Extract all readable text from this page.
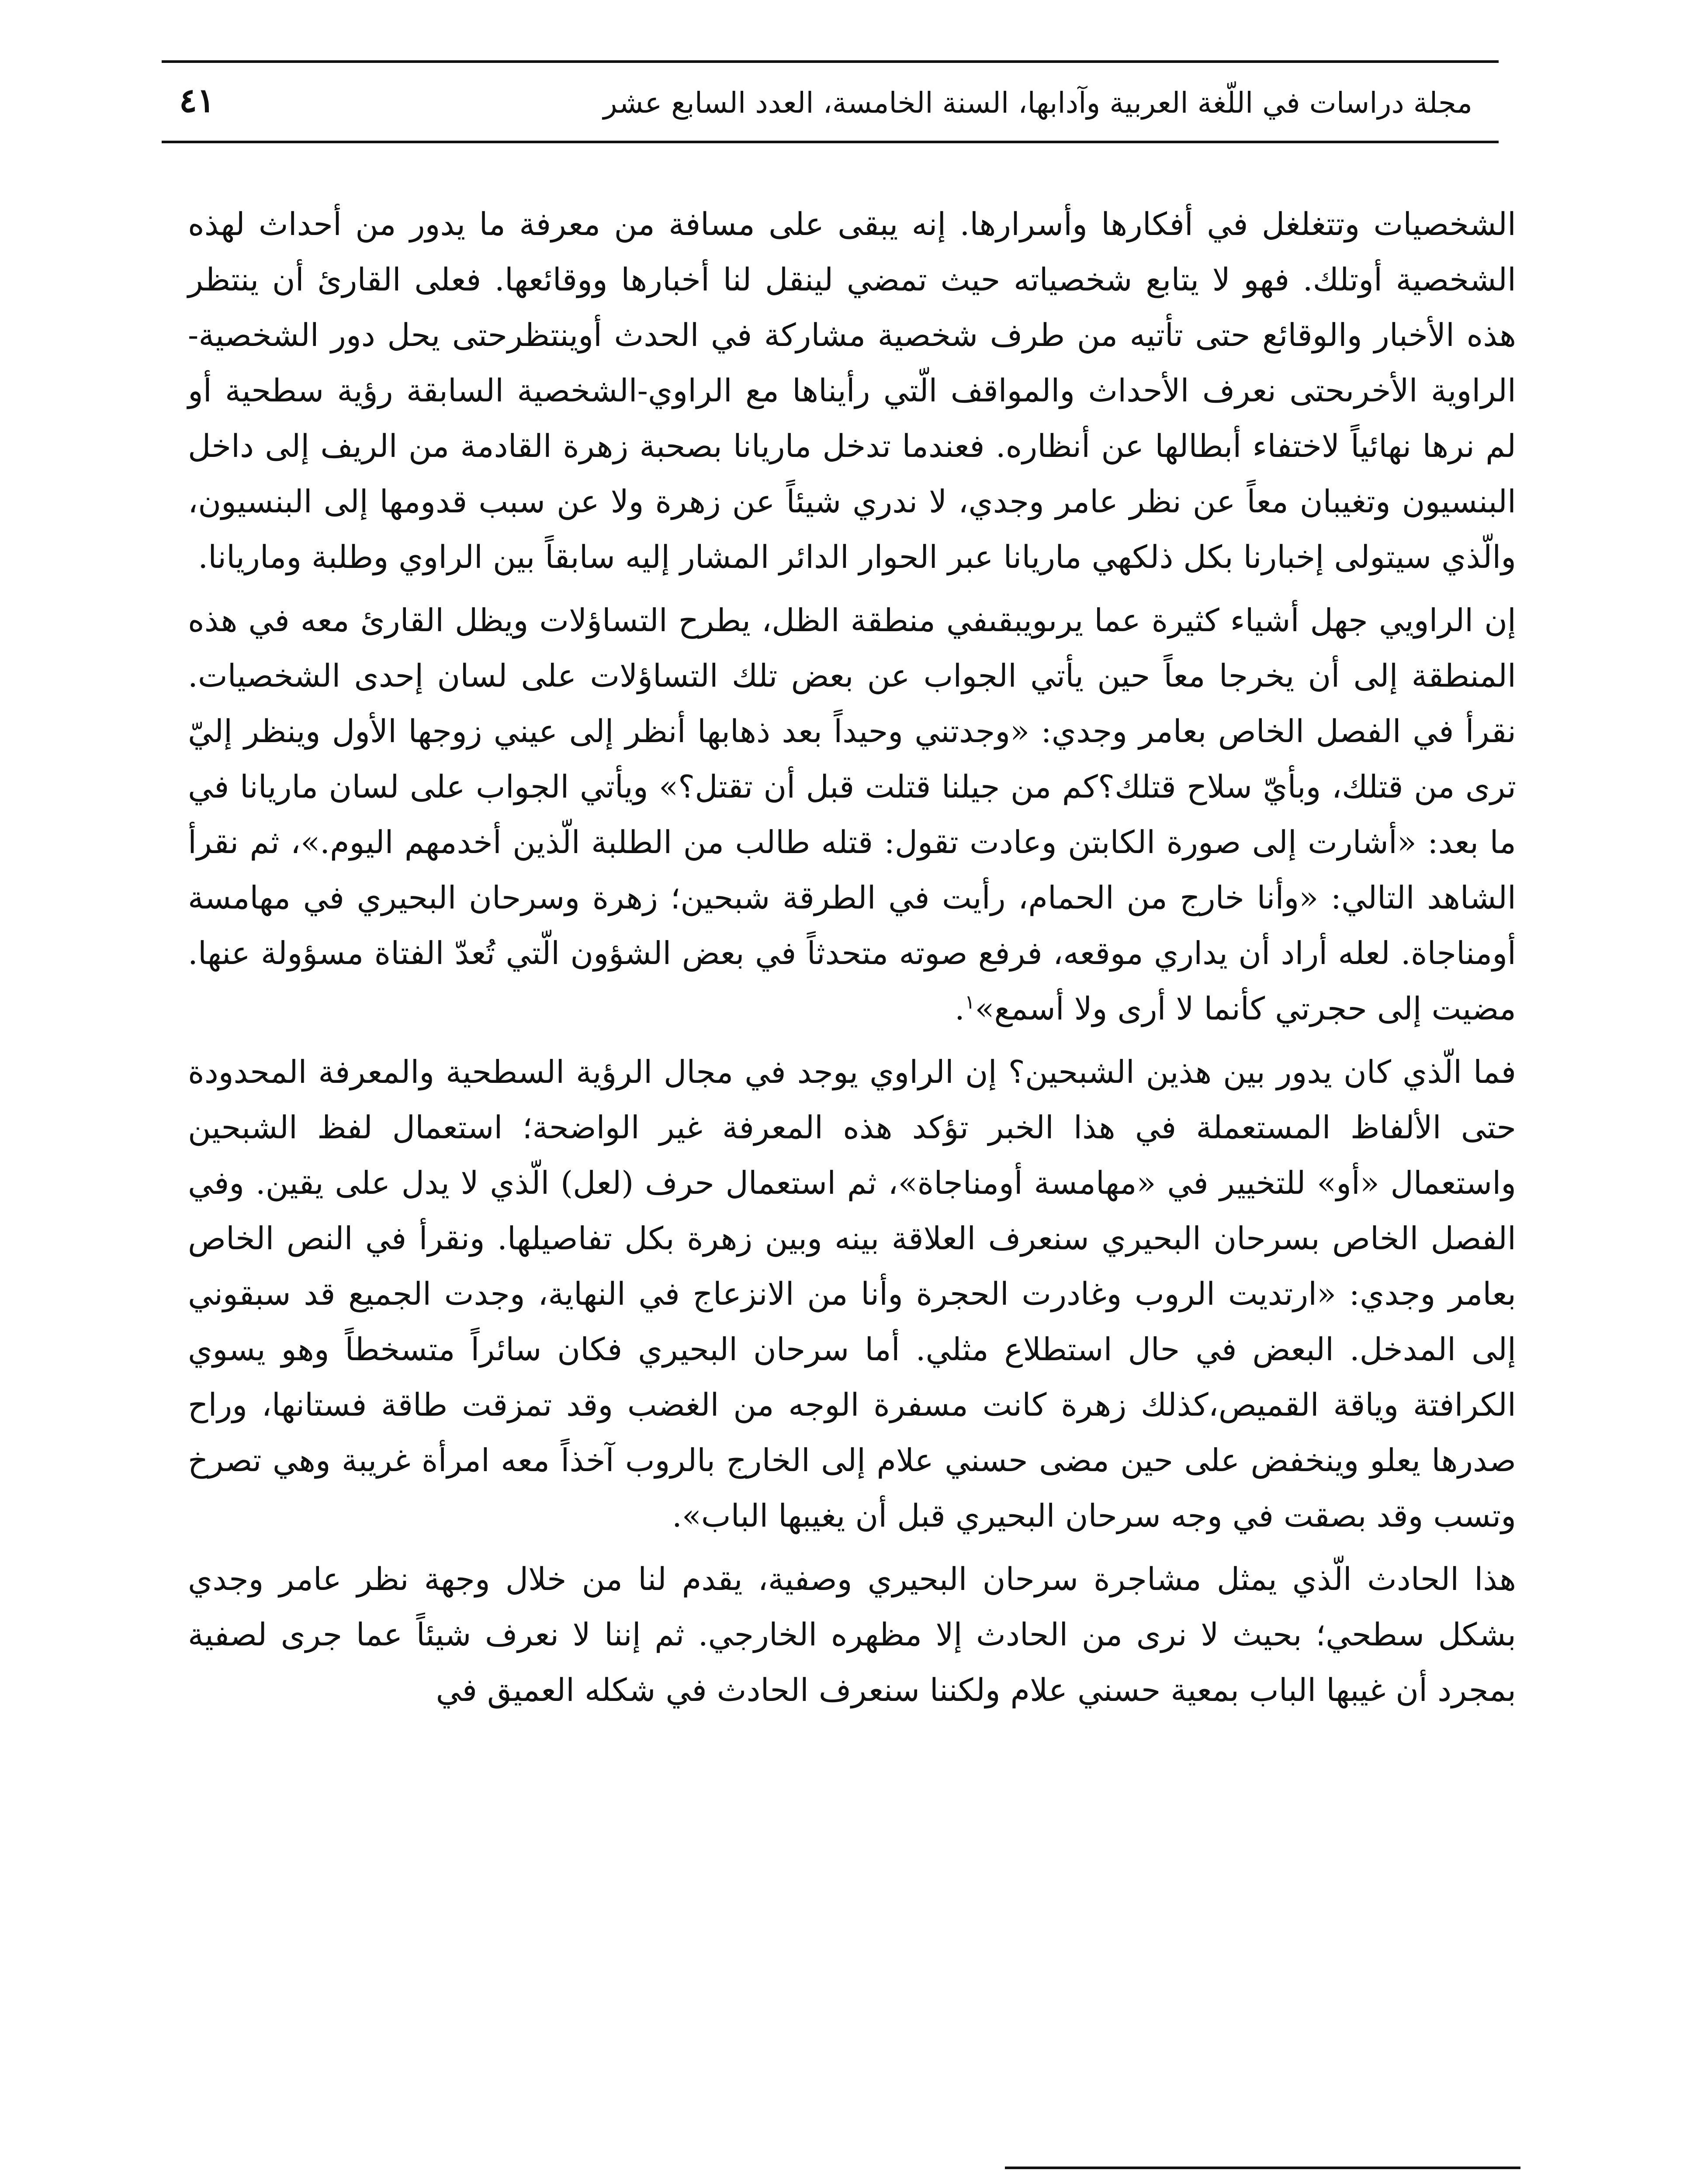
مجلة دراسات في اللّغة العربية وآدابها، السنة الخامسة، العدد السابع عشر
٤١

الشخصيات وتتغلغل في أفكارها وأسرارها. إنه يبقى على مسافة من معرفة ما يدور من أحداث لهذه الشخصية أوتلك. فهو لا يتابع شخصياته حيث تمضي لينقل لنا أخبارها ووقائعها. فعلى القارئ أن ينتظر هذه الأخبار والوقائع حتى تأتيه من طرف شخصية مشاركة في الحدث أوينتظرحتى يحل دور الشخصية-الراوية الأخرىحتى نعرف الأحداث والمواقف الّتي رأيناها مع الراوي-الشخصية السابقة رؤية سطحية أو لم نرها نهائياً لاختفاء أبطالها عن أنظاره. فعندما تدخل ماريانا بصحبة زهرة القادمة من الريف إلى داخل البنسيون وتغيبان معاً عن نظر عامر وجدي، لا ندري شيئاً عن زهرة ولا عن سبب قدومها إلى البنسيون، والّذي سيتولى إخبارنا بكل ذلكهي ماريانا عبر الحوار الدائر المشار إليه سابقاً بين الراوي وطلبة وماريانا.

إن الراويي جهل أشياء كثيرة عما يرىويبقىفي منطقة الظل، يطرح التساؤلات ويظل القارئ معه في هذه المنطقة إلى أن يخرجا معاً حين يأتي الجواب عن بعض تلك التساؤلات على لسان إحدى الشخصيات. نقرأ في الفصل الخاص بعامر وجدي: «وجدتني وحيداً بعد ذهابها أنظر إلى عيني زوجها الأول وينظر إليّ ترى من قتلك، وبأيّ سلاح قتلك؟كم من جيلنا قتلت قبل أن تقتل؟» ويأتي الجواب على لسان ماريانا في ما بعد: «أشارت إلى صورة الكابتن وعادت تقول: قتله طالب من الطلبة الّذين أخدمهم اليوم.»، ثم نقرأ الشاهد التالي: «وأنا خارج من الحمام، رأيت في الطرقة شبحين؛ زهرة وسرحان البحيري في مهامسة أومناجاة. لعله أراد أن يداري موقعه، فرفع صوته متحدثاً في بعض الشؤون الّتي تُعدّ الفتاة مسؤولة عنها. مضيت إلى حجرتي كأنما لا أرى ولا أسمع»$^١$.

فما الّذي كان يدور بين هذين الشبحين؟ إن الراوي يوجد في مجال الرؤية السطحية والمعرفة المحدودة حتى الألفاظ المستعملة في هذا الخبر تؤكد هذه المعرفة غير الواضحة؛ استعمال لفظ الشبحين واستعمال «أو» للتخيير في «مهامسة أومناجاة»، ثم استعمال حرف (لعل) الّذي لا يدل على يقين. وفي الفصل الخاص بسرحان البحيري سنعرف العلاقة بينه وبين زهرة بكل تفاصيلها. ونقرأ في النص الخاص بعامر وجدي: «ارتديت الروب وغادرت الحجرة وأنا من الانزعاج في النهاية، وجدت الجميع قد سبقوني إلى المدخل. البعض في حال استطلاع مثلي. أما سرحان البحيري فكان سائراً متسخطاً وهو يسوي الكرافتة وياقة القميص،كذلك زهرة كانت مسفرة الوجه من الغضب وقد تمزقت طاقة فستانها، وراح صدرها يعلو وينخفض على حين مضى حسني علام إلى الخارج بالروب آخذاً معه امرأة غريبة وهي تصرخ وتسب وقد بصقت في وجه سرحان البحيري قبل أن يغيبها الباب».

هذا الحادث الّذي يمثل مشاجرة سرحان البحيري وصفية، يقدم لنا من خلال وجهة نظر عامر وجدي بشكل سطحي؛ بحيث لا نرى من الحادث إلا مظهره الخارجي. ثم إننا لا نعرف شيئاً عما جرى لصفية بمجرد أن غيبها الباب بمعية حسني علام ولكننا سنعرف الحادث في شكله العميق في
